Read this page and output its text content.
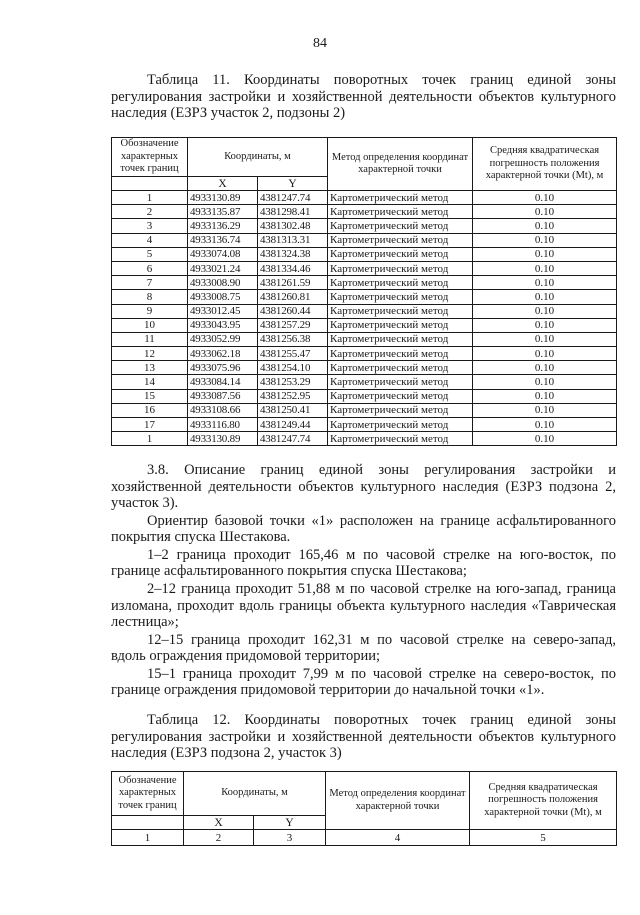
84
Таблица 11. Координаты поворотных точек границ единой зоны регулирования застройки и хозяйственной деятельности объектов культурного наследия (ЕЗРЗ участок 2, подзоны 2)
Обозначение характерных точек границ	Координаты, м		Метод определения координат характерной точки	Средняя квадратическая погрешность положения характерной точки (Mt), м

	X	Y		
1	4933130.89	4381247.74	Картометрический метод	0.10
2	4933135.87	4381298.41	Картометрический метод	0.10
3	4933136.29	4381302.48	Картометрический метод	0.10
4	4933136.74	4381313.31	Картометрический метод	0.10
5	4933074.08	4381324.38	Картометрический метод	0.10
6	4933021.24	4381334.46	Картометрический метод	0.10
7	4933008.90	4381261.59	Картометрический метод	0.10
8	4933008.75	4381260.81	Картометрический метод	0.10
9	4933012.45	4381260.44	Картометрический метод	0.10
10	4933043.95	4381257.29	Картометрический метод	0.10
11	4933052.99	4381256.38	Картометрический метод	0.10
12	4933062.18	4381255.47	Картометрический метод	0.10
13	4933075.96	4381254.10	Картометрический метод	0.10
14	4933084.14	4381253.29	Картометрический метод	0.10
15	4933087.56	4381252.95	Картометрический метод	0.10
16	4933108.66	4381250.41	Картометрический метод	0.10
17	4933116.80	4381249.44	Картометрический метод	0.10
1	4933130.89	4381247.74	Картометрический метод	0.10

3.8. Описание границ единой зоны регулирования застройки и хозяйственной деятельности объектов культурного наследия (ЕЗРЗ подзона 2, участок 3).

Ориентир базовой точки «1» расположен на границе асфальтированного покрытия спуска Шестакова.

1–2 граница проходит 165,46 м по часовой стрелке на юго-восток, по границе асфальтированного покрытия спуска Шестакова;

2–12 граница проходит 51,88 м по часовой стрелке на юго-запад, граница изломана, проходит вдоль границы объекта культурного наследия «Таврическая лестница»;

12–15 граница проходит 162,31 м по часовой стрелке на северо-запад, вдоль ограждения придомовой территории;

15–1 граница проходит 7,99 м по часовой стрелке на северо-восток, по границе ограждения придомовой территории до начальной точки «1».

Таблица 12. Координаты поворотных точек границ единой зоны регулирования застройки и хозяйственной деятельности объектов культурного наследия (ЕЗРЗ подзона 2, участок 3)
Обозначение характерных точек границ	Координаты, м		Метод определения координат характерной точки	Средняя квадратическая погрешность положения характерной точки (Mt), м

	X	Y		
1	2	3	4	5
